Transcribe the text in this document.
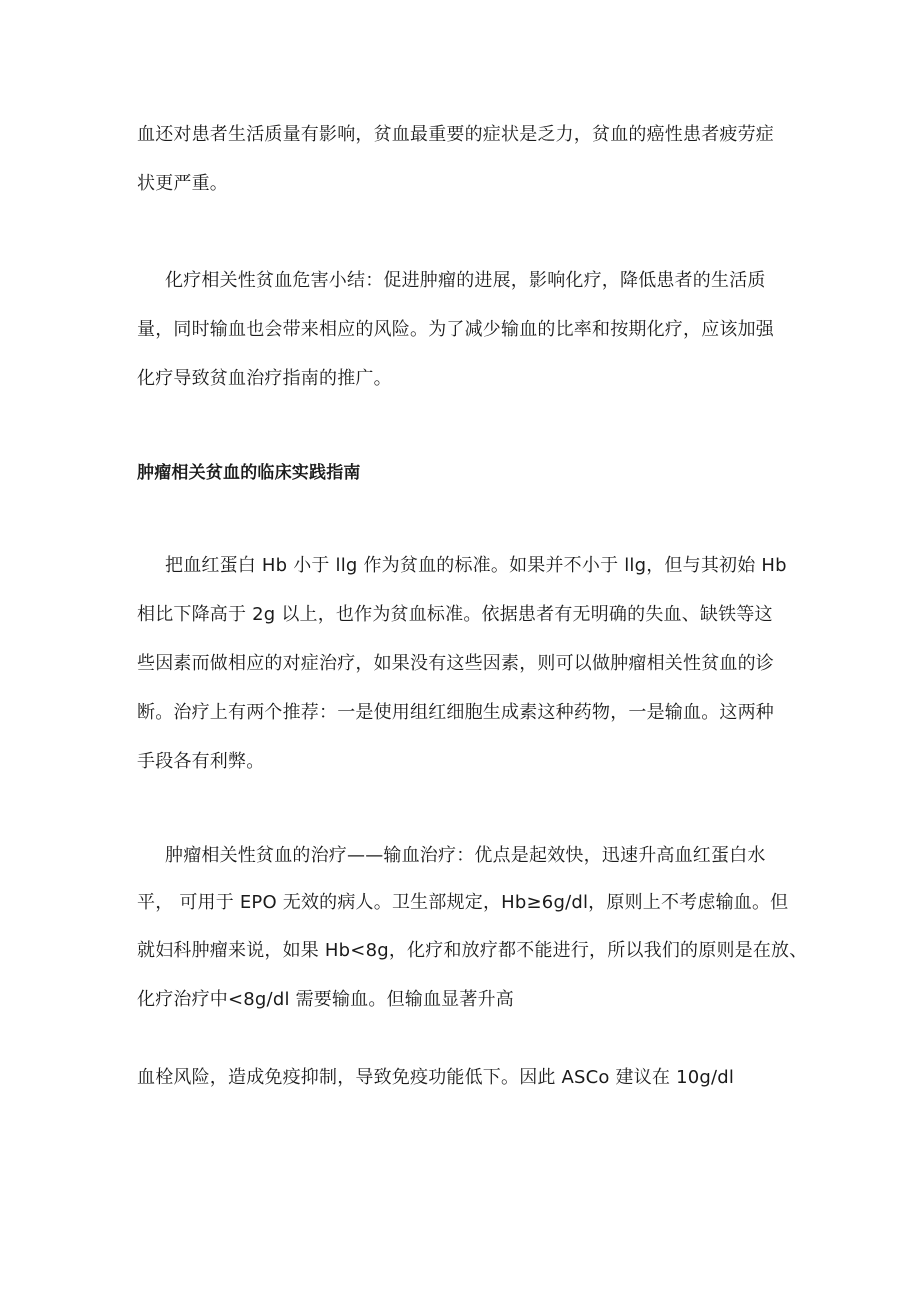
血还对患者生活质量有影响，贫血最重要的症状是乏力，贫血的癌性患者疲劳症
状更严重。
化疗相关性贫血危害小结：促进肿瘤的进展，影响化疗，降低患者的生活质
量，同时输血也会带来相应的风险。为了减少输血的比率和按期化疗，应该加强
化疗导致贫血治疗指南的推广。
肿瘤相关贫血的临床实践指南
把血红蛋白 Hb 小于 llg 作为贫血的标准。如果并不小于 llg，但与其初始 Hb
相比下降高于 2g 以上，也作为贫血标准。依据患者有无明确的失血、缺铁等这
些因素而做相应的对症治疗，如果没有这些因素，则可以做肿瘤相关性贫血的诊
断。治疗上有两个推荐：一是使用组红细胞生成素这种药物，一是输血。这两种
手段各有利弊。
肿瘤相关性贫血的治疗——输血治疗：优点是起效快，迅速升高血红蛋白水
平， 可用于 EPO 无效的病人。卫生部规定，Hb≥6g∕dl，原则上不考虑输血。但
就妇科肿瘤来说，如果 Hb<8g，化疗和放疗都不能进行，所以我们的原则是在放、
化疗治疗中<8g∕dl 需要输血。但输血显著升高
血栓风险，造成免疫抑制，导致免疫功能低下。因此 ASCo 建议在 10g∕dl
